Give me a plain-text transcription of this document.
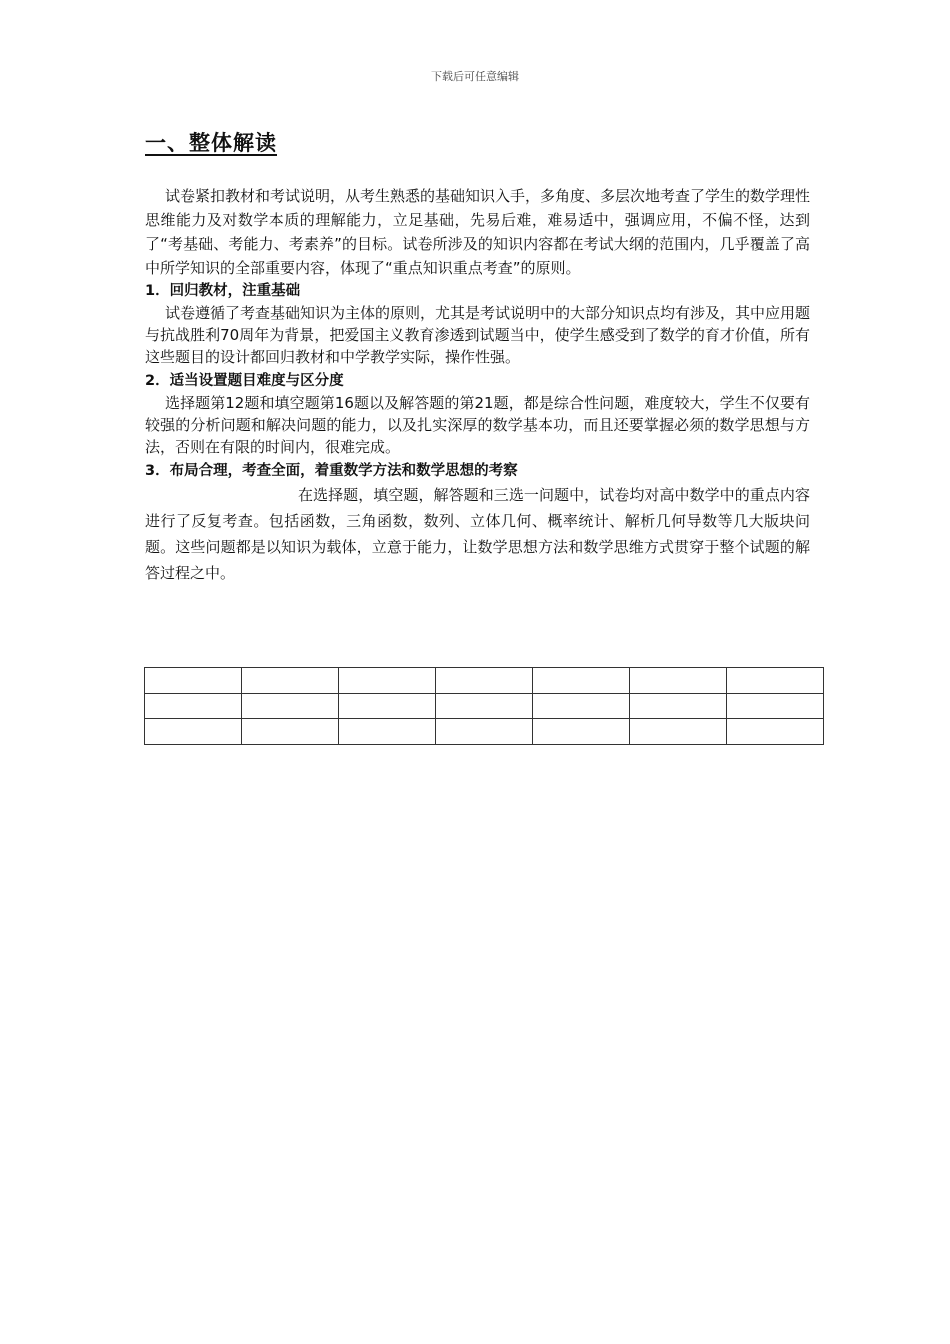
下载后可任意编辑
一、整体解读

试卷紧扣教材和考试说明，从考生熟悉的基础知识入手，多角度、多层次地考查了学生的数学理性思维能力及对数学本质的理解能力，立足基础，先易后难，难易适中，强调应用，不偏不怪，达到了“考基础、考能力、考素养”的目标。试卷所涉及的知识内容都在考试大纲的范围内，几乎覆盖了高中所学知识的全部重要内容，体现了“重点知识重点考查”的原则。

1．回归教材，注重基础

试卷遵循了考查基础知识为主体的原则，尤其是考试说明中的大部分知识点均有涉及，其中应用题与抗战胜利70周年为背景，把爱国主义教育渗透到试题当中，使学生感受到了数学的育才价值，所有这些题目的设计都回归教材和中学教学实际，操作性强。

2．适当设置题目难度与区分度

选择题第12题和填空题第16题以及解答题的第21题，都是综合性问题，难度较大，学生不仅要有较强的分析问题和解决问题的能力，以及扎实深厚的数学基本功，而且还要掌握必须的数学思想与方法，否则在有限的时间内，很难完成。

3．布局合理，考查全面，着重数学方法和数学思想的考察

在选择题，填空题，解答题和三选一问题中，试卷均对高中数学中的重点内容进行了反复考查。包括函数，三角函数，数列、立体几何、概率统计、解析几何导数等几大版块问题。这些问题都是以知识为载体，立意于能力，让数学思想方法和数学思维方式贯穿于整个试题的解答过程之中。
